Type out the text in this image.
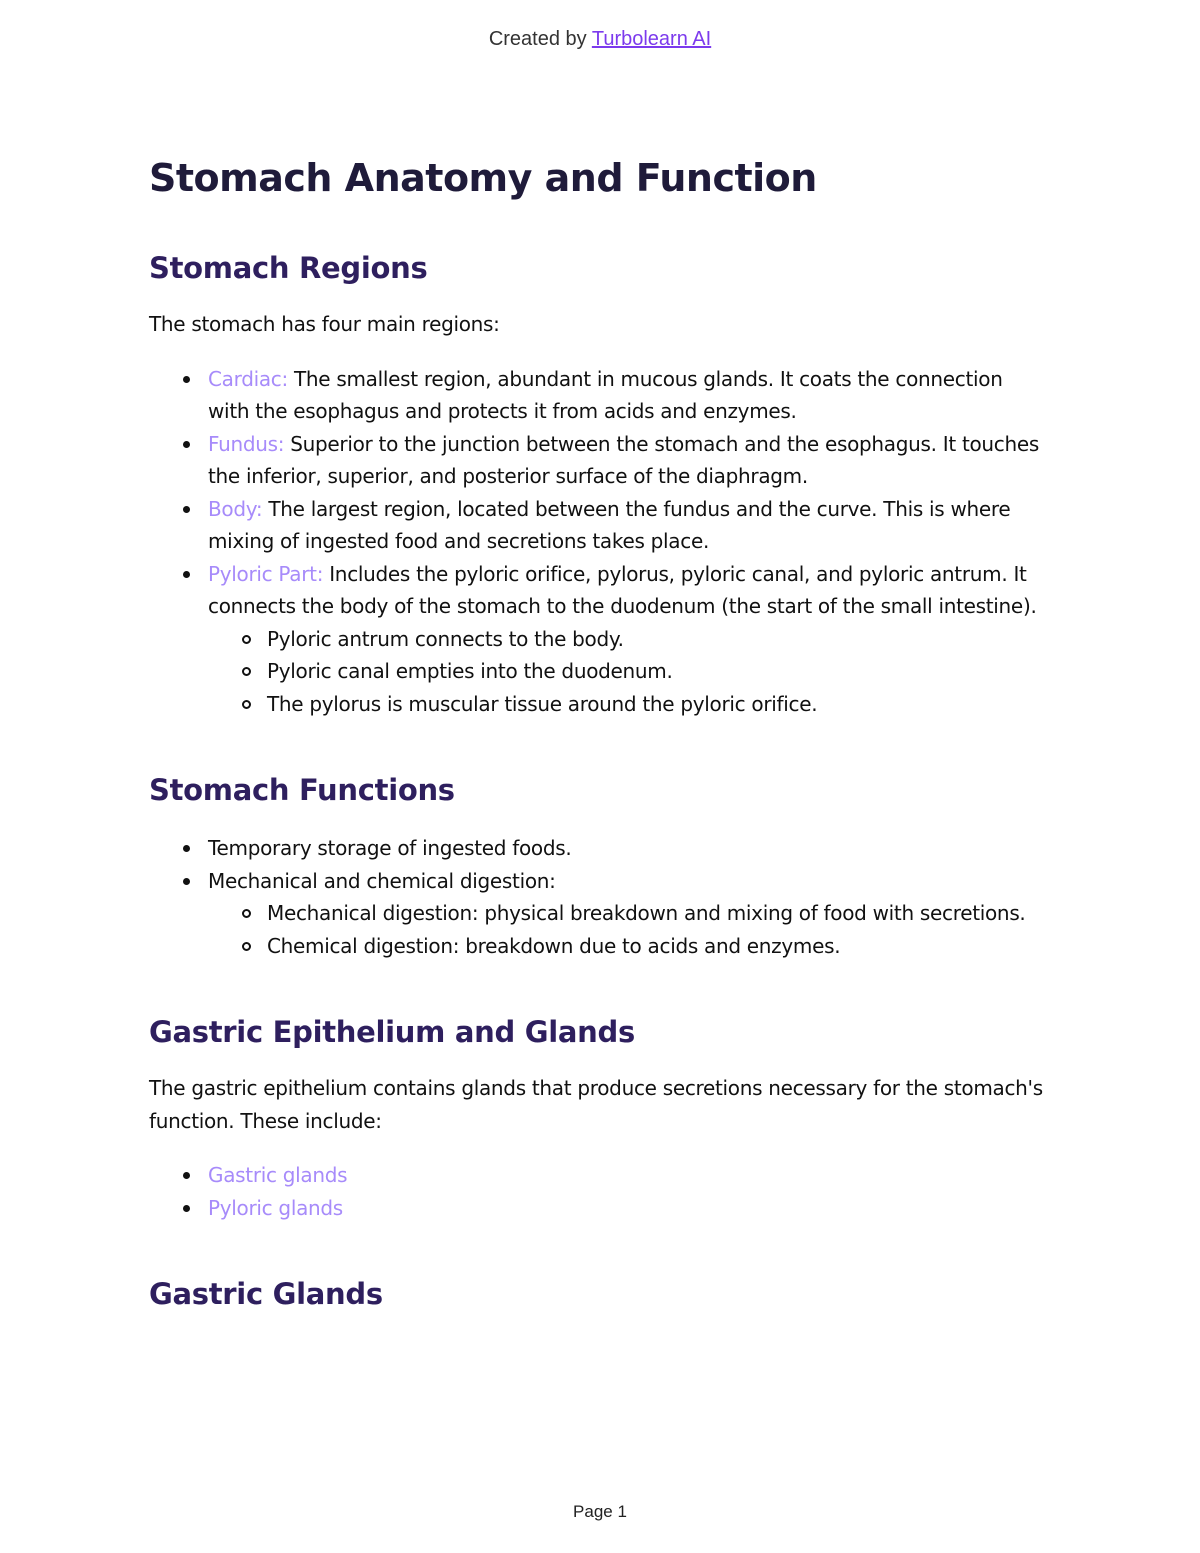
Created by Turbolearn AI
Stomach Anatomy and Function
Stomach Regions

The stomach has four main regions:

Cardiac: The smallest region, abundant in mucous glands. It coats the connection with the esophagus and protects it from acids and enzymes.
Fundus: Superior to the junction between the stomach and the esophagus. It touches the inferior, superior, and posterior surface of the diaphragm.
Body: The largest region, located between the fundus and the curve. This is where mixing of ingested food and secretions takes place.
Pyloric Part: Includes the pyloric orifice, pylorus, pyloric canal, and pyloric antrum. It connects the body of the stomach to the duodenum (the start of the small intestine).
Pyloric antrum connects to the body.
Pyloric canal empties into the duodenum.
The pylorus is muscular tissue around the pyloric orifice.
Stomach Functions
Temporary storage of ingested foods.
Mechanical and chemical digestion:
Mechanical digestion: physical breakdown and mixing of food with secretions.
Chemical digestion: breakdown due to acids and enzymes.
Gastric Epithelium and Glands

The gastric epithelium contains glands that produce secretions necessary for the stomach's function. These include:

Gastric glands
Pyloric glands
Gastric Glands
Page 1
